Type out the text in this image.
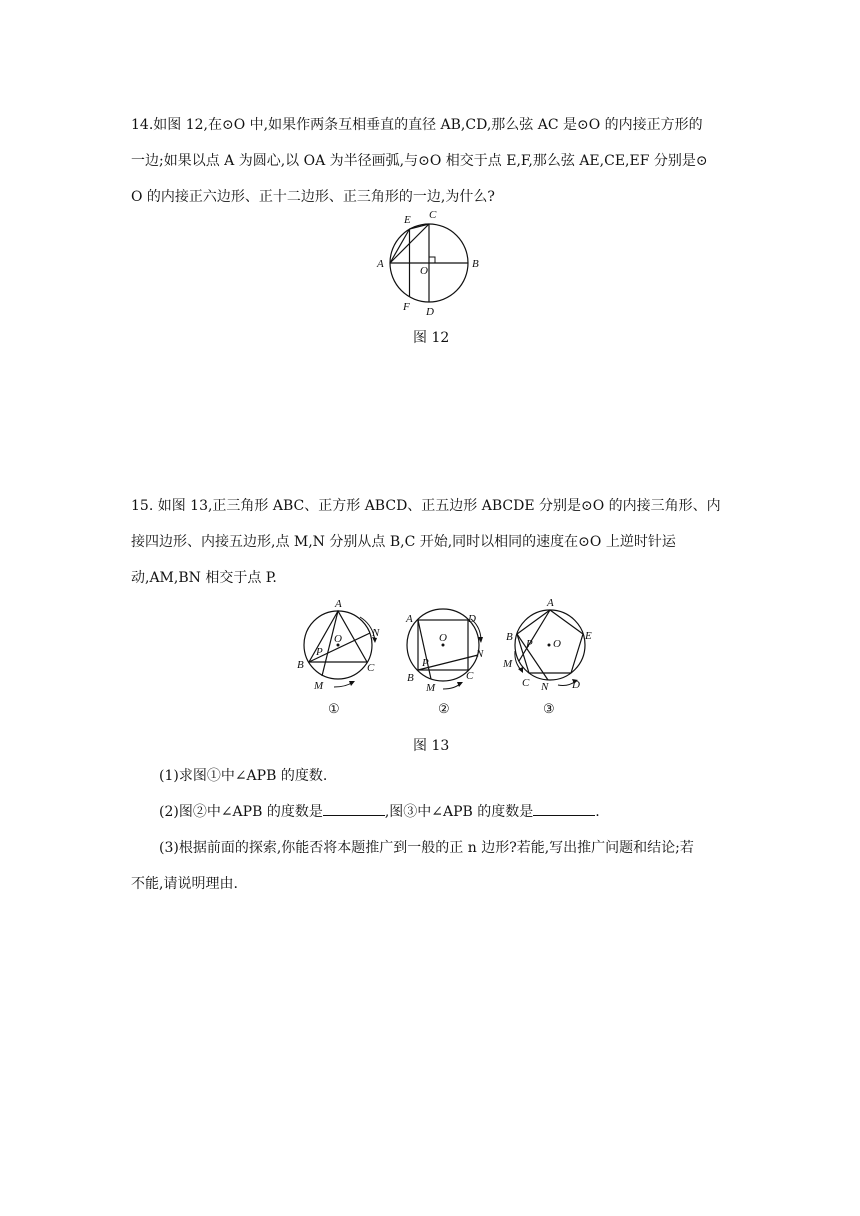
14.如图 12,在⊙O 中,如果作两条互相垂直的直径 AB,CD,那么弦 AC 是⊙O 的内接正方形的
一边;如果以点 A 为圆心,以 OA 为半径画弧,与⊙O 相交于点 E,F,那么弦 AE,CE,EF 分别是⊙
O 的内接正六边形、正十二边形、正三角形的一边,为什么?
E C
A
O
B
F D
图 12
15. 如图 13,正三角形 ABC、正方形 ABCD、正五边形 ABCDE 分别是⊙O 的内接三角形、内
接四边形、内接五边形,点 M,N 分别从点 B,C 开始,同时以相同的速度在⊙O 上逆时针运
动,AM,BN 相交于点 P.
A
O	N
P
B	C
M
①
A	D
O
N
P
B
M
C
②
A
B
P O
E
M
C N D
③
图 13
(1)求图①中∠APB 的度数.
(2)图②中∠APB 的度数是	,图③中∠APB 的度数是	.
(3)根据前面的探索,你能否将本题推广到一般的正 n 边形?若能,写出推广问题和结论;若
不能,请说明理由.
